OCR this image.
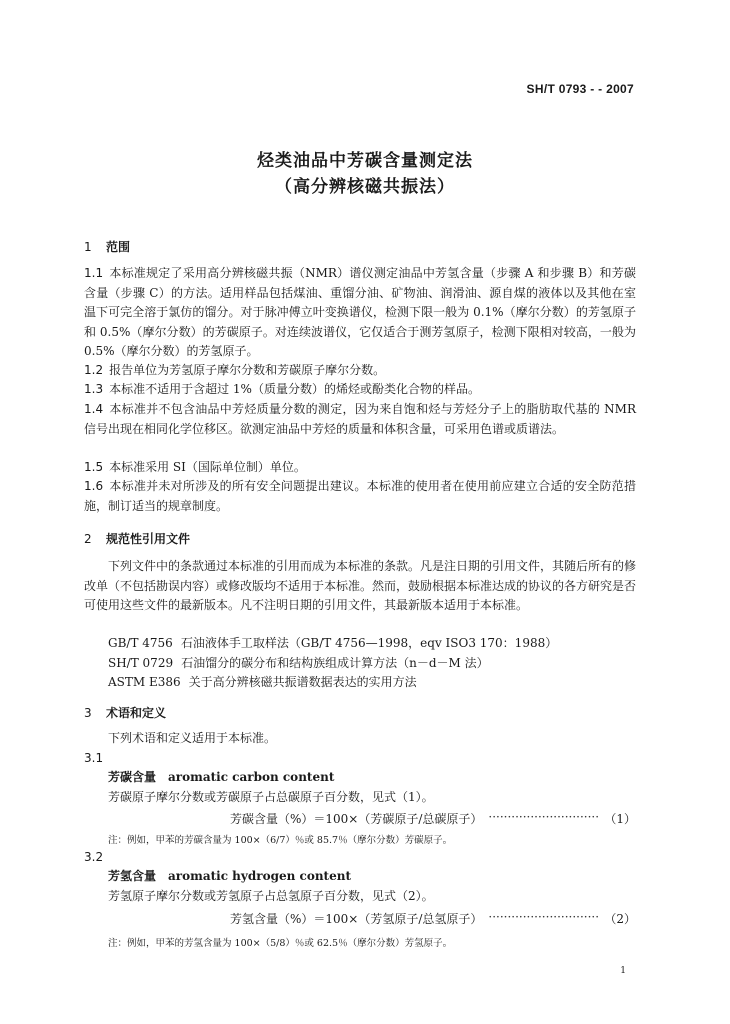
SH/T 0793 - - 2007
烃类油品中芳碳含量测定法
（高分辨核磁共振法）
1 范围
1.1 本标准规定了采用高分辨核磁共振（NMR）谱仪测定油品中芳氢含量（步骤 A 和步骤 B）和芳碳含量（步骤 C）的方法。适用样品包括煤油、重馏分油、矿物油、润滑油、源自煤的液体以及其他在室温下可完全溶于氯仿的馏分。对于脉冲傅立叶变换谱仪，检测下限一般为 0.1%（摩尔分数）的芳氢原子和 0.5%（摩尔分数）的芳碳原子。对连续波谱仪，它仅适合于测芳氢原子，检测下限相对较高，一般为 0.5%（摩尔分数）的芳氢原子。
1.2 报告单位为芳氢原子摩尔分数和芳碳原子摩尔分数。
1.3 本标准不适用于含超过 1%（质量分数）的烯烃或酚类化合物的样品。
1.4 本标准并不包含油品中芳烃质量分数的测定，因为来自饱和烃与芳烃分子上的脂肪取代基的 NMR 信号出现在相同化学位移区。欲测定油品中芳烃的质量和体积含量，可采用色谱或质谱法。
1.5 本标准采用 SI（国际单位制）单位。
1.6 本标准并未对所涉及的所有安全问题提出建议。本标准的使用者在使用前应建立合适的安全防范措施，制订适当的规章制度。
2 规范性引用文件
下列文件中的条款通过本标准的引用而成为本标准的条款。凡是注日期的引用文件，其随后所有的修改单（不包括勘误内容）或修改版均不适用于本标准。然而，鼓励根据本标准达成的协议的各方研究是否可使用这些文件的最新版本。凡不注明日期的引用文件，其最新版本适用于本标准。
GB/T 4756 石油液体手工取样法（GB/T 4756—1998，eqv ISO3 170：1988）
SH/T 0729 石油馏分的碳分布和结构族组成计算方法（n－d－M 法）
ASTM E386 关于高分辨核磁共振谱数据表达的实用方法
3 术语和定义
下列术语和定义适用于本标准。
3.1
芳碳含量 aromatic carbon content
芳碳原子摩尔分数或芳碳原子占总碳原子百分数，见式（1）。
芳碳含量（%）＝100×（芳碳原子/总碳原子） ·····	（1）
注：例如，甲苯的芳碳含量为 100×（6/7）％或 85.7％（摩尔分数）芳碳原子。
3.2
芳氢含量 aromatic hydrogen content
芳氢原子摩尔分数或芳氢原子占总氢原子百分数，见式（2）。
芳氢含量（%）＝100×（芳氢原子/总氢原子） ·····	（2）
注：例如，甲苯的芳氢含量为 100×（5/8）％或 62.5％（摩尔分数）芳氢原子。
1
